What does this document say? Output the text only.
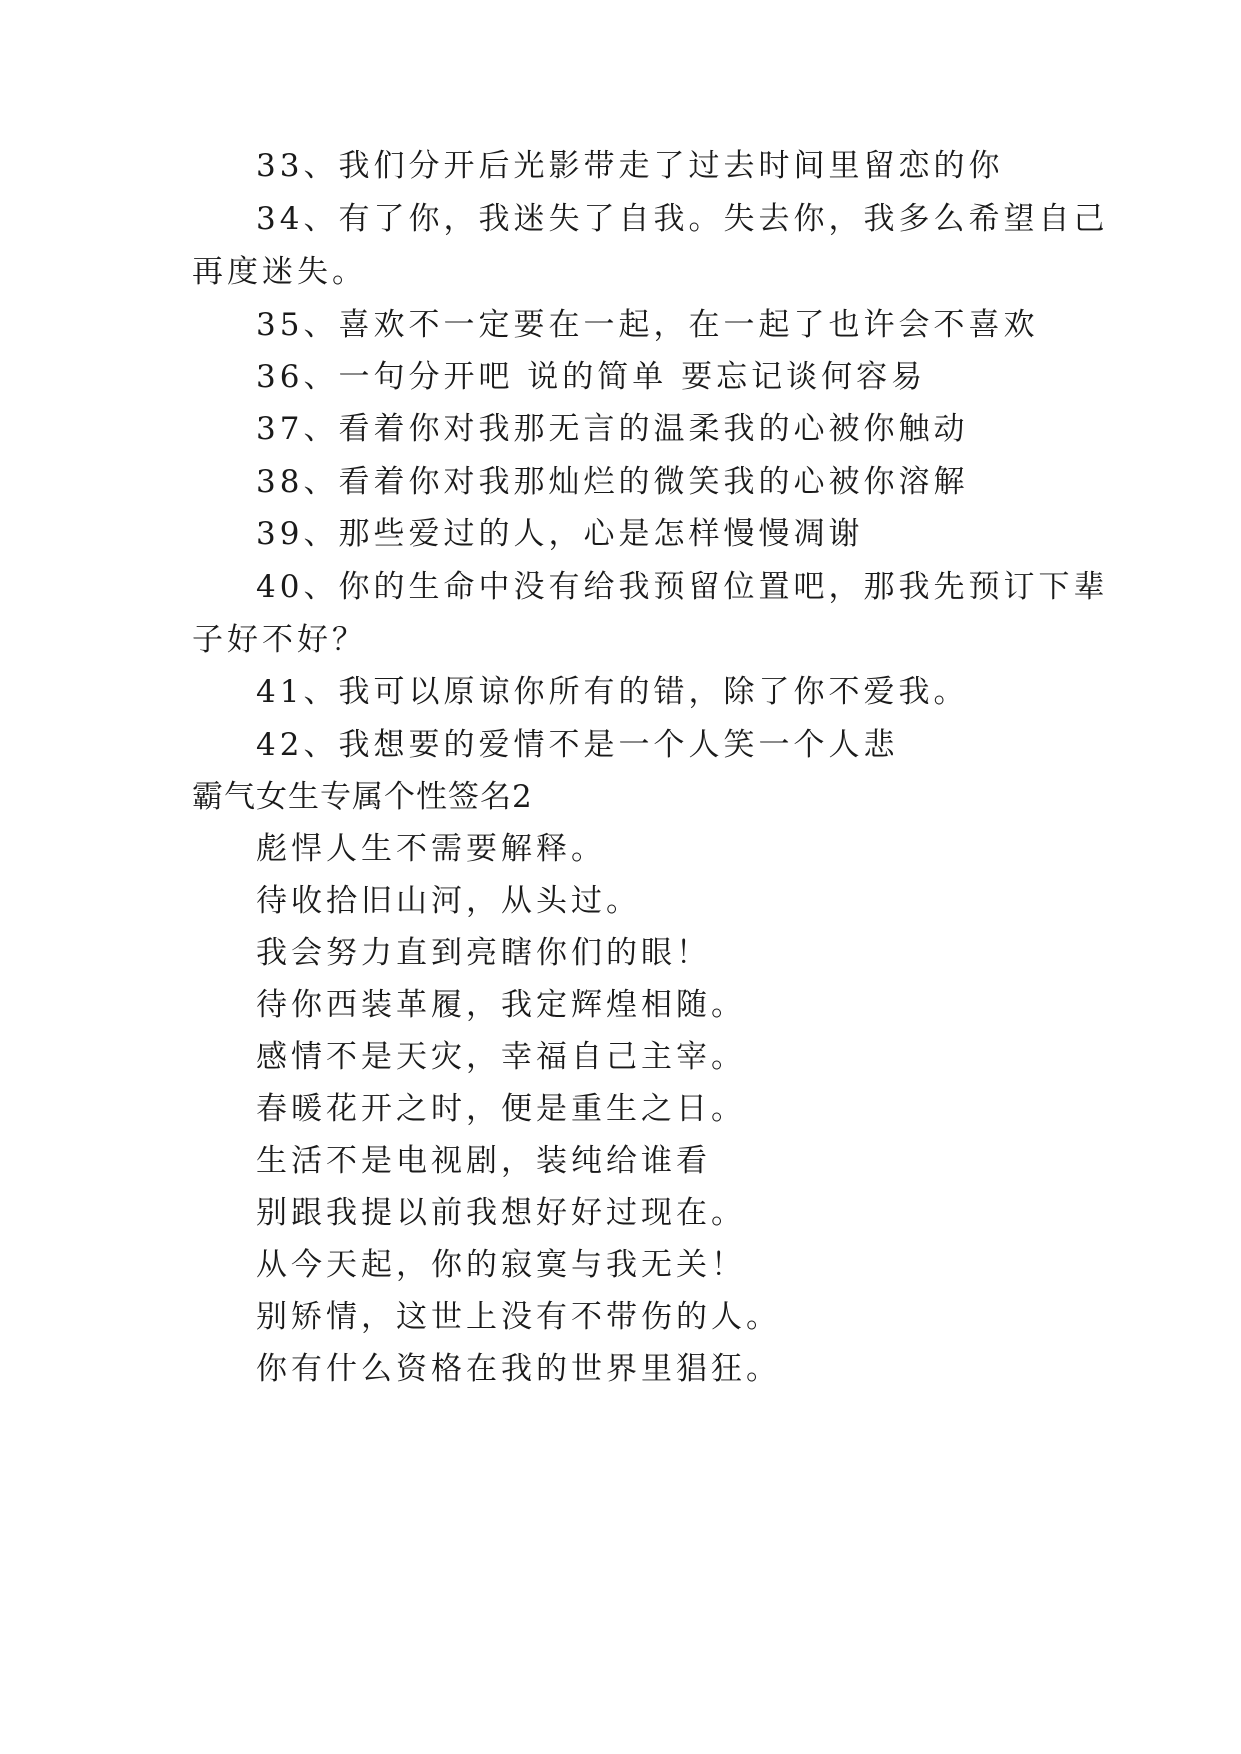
33、我们分开后光影带走了过去时间里留恋的你
34、有了你，我迷失了自我。失去你，我多么希望自己
再度迷失。
35、喜欢不一定要在一起，在一起了也许会不喜欢
36、一句分开吧 说的简单 要忘记谈何容易
37、看着你对我那无言的温柔我的心被你触动
38、看着你对我那灿烂的微笑我的心被你溶解
39、那些爱过的人，心是怎样慢慢凋谢
40、你的生命中没有给我预留位置吧，那我先预订下辈
子好不好？
41、我可以原谅你所有的错，除了你不爱我。
42、我想要的爱情不是一个人笑一个人悲
霸气女生专属个性签名2
彪悍人生不需要解释。
待收拾旧山河，从头过。
我会努力直到亮瞎你们的眼！
待你西装革履，我定辉煌相随。
感情不是天灾，幸福自己主宰。
春暖花开之时，便是重生之日。
生活不是电视剧，装纯给谁看
别跟我提以前我想好好过现在。
从今天起，你的寂寞与我无关！
别矫情，这世上没有不带伤的人。
你有什么资格在我的世界里猖狂。
